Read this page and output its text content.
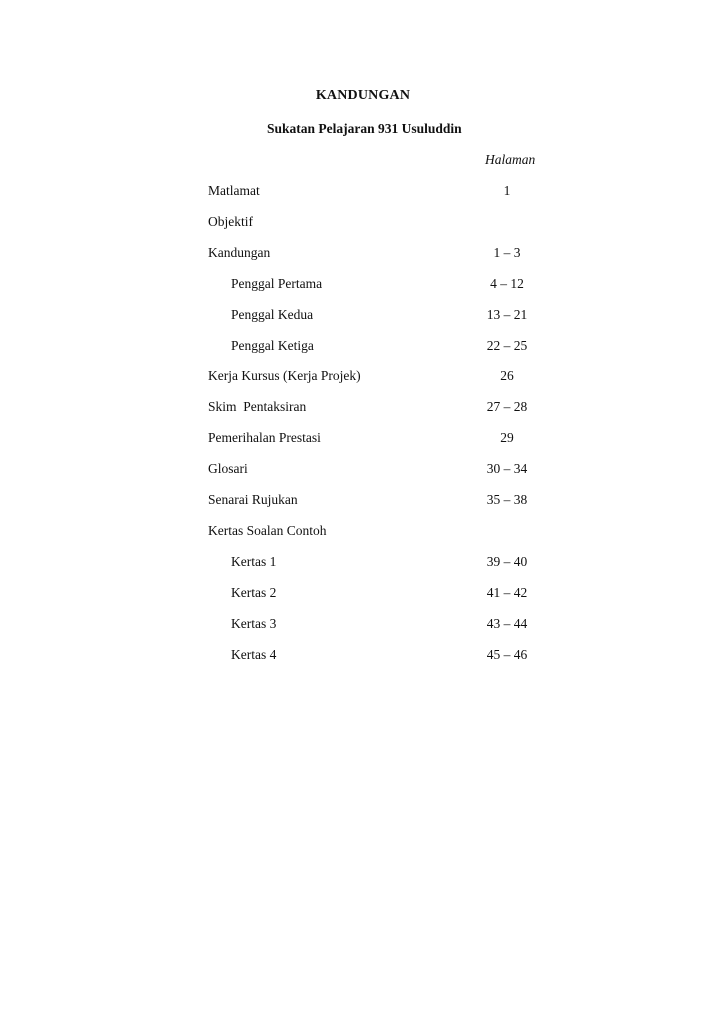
KANDUNGAN
Sukatan Pelajaran 931 Usuluddin
Halaman
Matlamat	1
Objektif
Kandungan	1 – 3
Penggal Pertama	4 – 12
Penggal Kedua	13 – 21
Penggal Ketiga	22 – 25
Kerja Kursus (Kerja Projek)	26
Skim  Pentaksiran	27 – 28
Pemerihalan Prestasi	29
Glosari	30 – 34
Senarai Rujukan	35 – 38
Kertas Soalan Contoh
Kertas 1	39 – 40
Kertas 2	41 – 42
Kertas 3	43 – 44
Kertas 4	45 – 46
